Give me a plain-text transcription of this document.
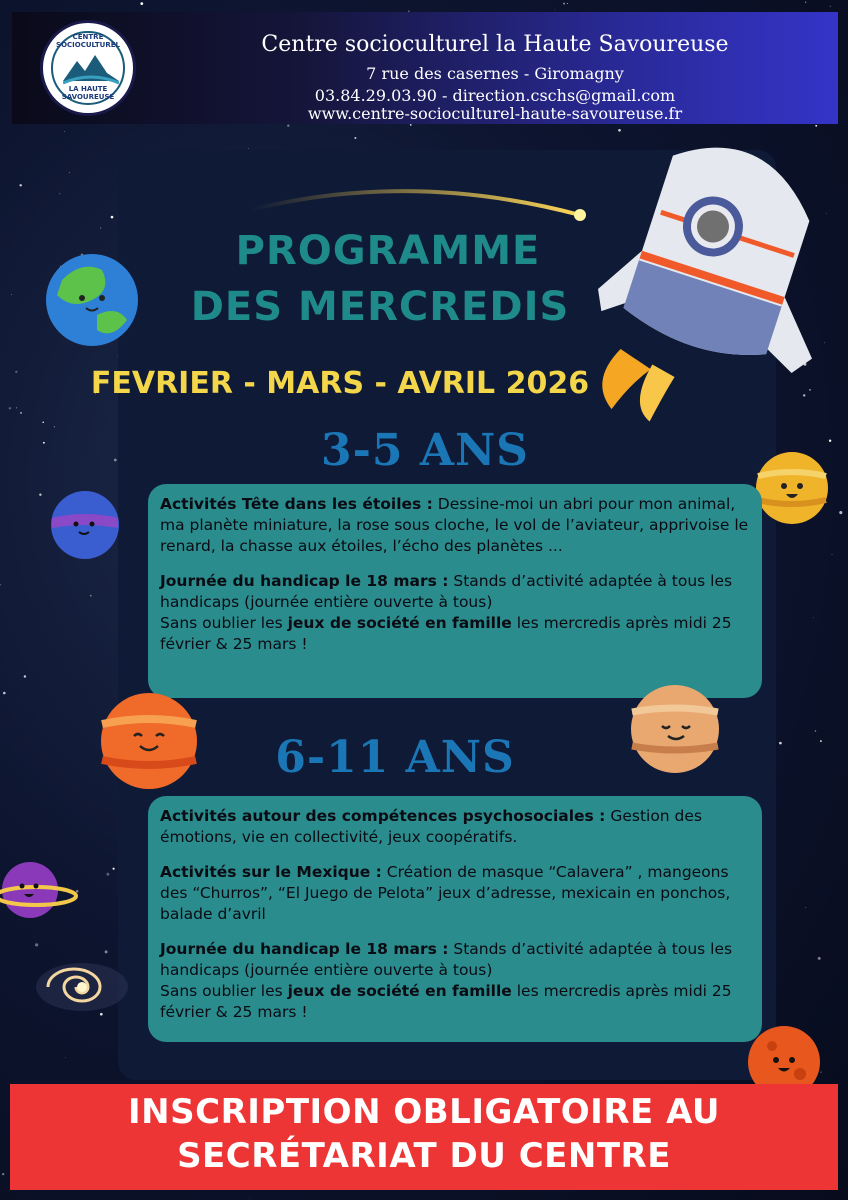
CENTRE SOCIOCULTUREL
LA HAUTE SAVOUREUSE
Centre socioculturel la Haute Savoureuse
7 rue des casernes - Giromagny
03.84.29.03.90 - direction.cschs@gmail.com
www.centre-socioculturel-haute-savoureuse.fr
PROGRAMME
DES MERCREDIS
FEVRIER - MARS - AVRIL 2026
3-5 ANS

Activités Tête dans les étoiles : Dessine-moi un abri pour mon animal, ma planète miniature, la rose sous cloche, le vol de l’aviateur, apprivoise le renard, la chasse aux étoiles, l’écho des planètes ...

Journée du handicap le 18 mars : Stands d’activité adaptée à tous les handicaps (journée entière ouverte à tous)

Sans oublier les jeux de société en famille les mercredis après midi 25 février & 25 mars !

6-11 ANS

Activités autour des compétences psychosociales : Gestion des émotions, vie en collectivité, jeux coopératifs.

Activités sur le Mexique : Création de masque “Calavera” , mangeons des “Churros”, “El Juego de Pelota” jeux d’adresse, mexicain en ponchos, balade d’avril

Journée du handicap le 18 mars : Stands d’activité adaptée à tous les handicaps (journée entière ouverte à tous)

Sans oublier les jeux de société en famille les mercredis après midi 25 février & 25 mars !

INSCRIPTION OBLIGATOIRE AU
SECRÉTARIAT DU CENTRE
